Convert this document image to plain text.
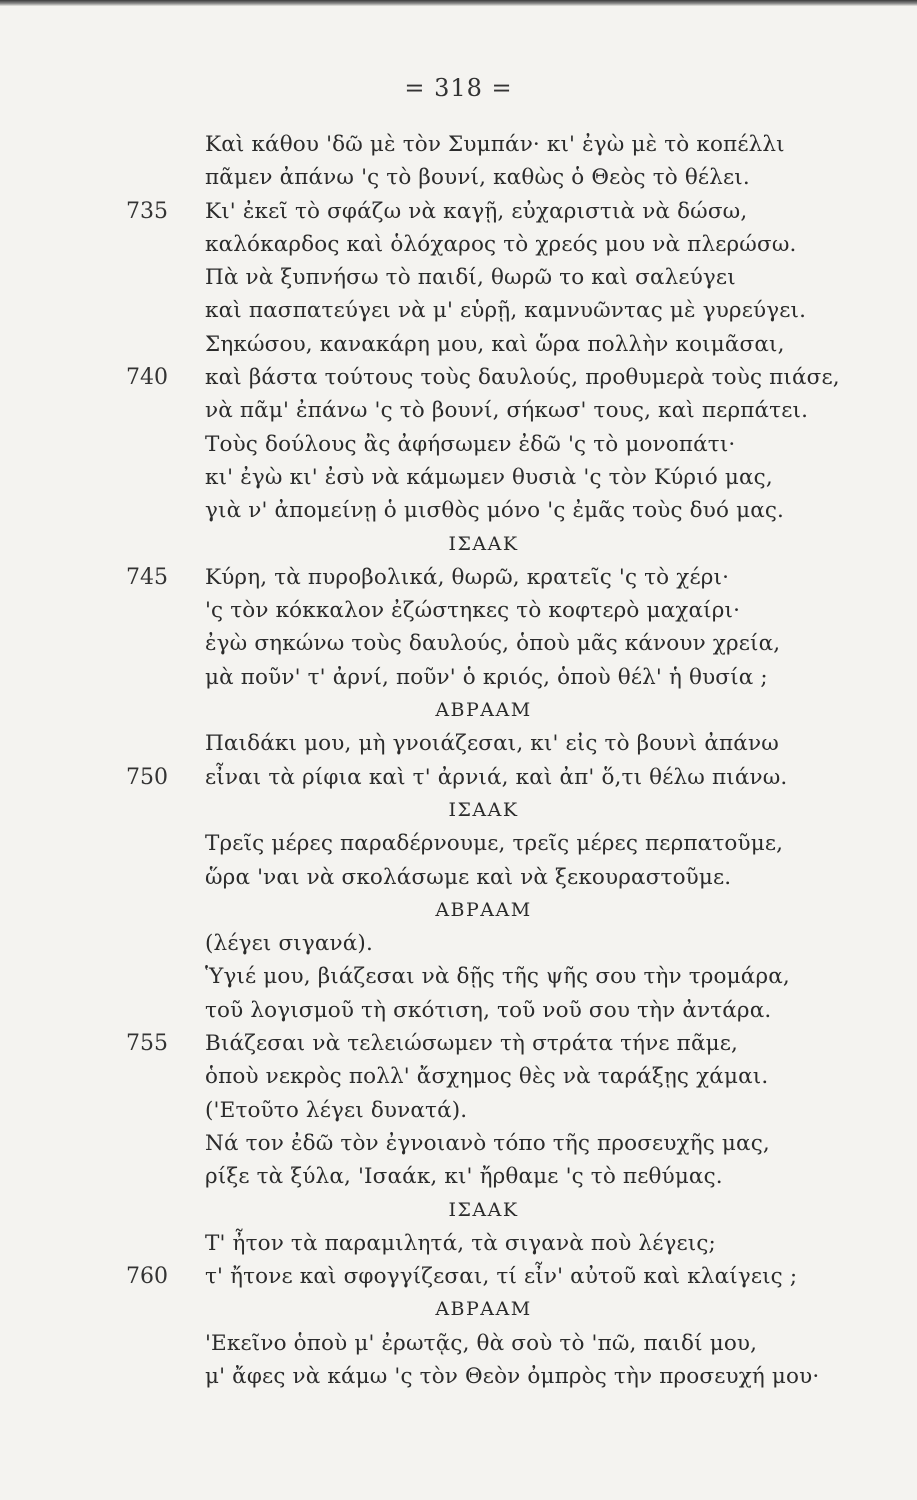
= 318 =
Καὶ κάθου 'δῶ μὲ τὸν Συμπάν· κι' ἐγὼ μὲ τὸ κοπέλλι
πᾶμεν ἀπάνω 'ς τὸ βουνί, καθὼς ὁ Θεὸς τὸ θέλει.
735	Κι' ἐκεῖ τὸ σφάζω νὰ καγῇ, εὐχαριστιὰ νὰ δώσω,
καλόκαρδος καὶ ὁλόχαρος τὸ χρεός μου νὰ πλερώσω.
Πὰ νὰ ξυπνήσω τὸ παιδί, θωρῶ το καὶ σαλεύγει
καὶ πασπατεύγει νὰ μ' εὑρῇ, καμνυῶντας μὲ γυρεύγει.
Σηκώσου, κανακάρη μου, καὶ ὥρα πολλὴν κοιμᾶσαι,
740	καὶ βάστα τούτους τοὺς δαυλούς, προθυμερὰ τοὺς πιάσε,
νὰ πᾶμ' ἐπάνω 'ς τὸ βουνί, σήκωσ' τους, καὶ περπάτει.
Τοὺς δούλους ἂς ἀφήσωμεν ἐδῶ 'ς τὸ μονοπάτι·
κι' ἐγὼ κι' ἐσὺ νὰ κάμωμεν θυσιὰ 'ς τὸν Κύριό μας,
γιὰ ν' ἀπομείνῃ ὁ μισθὸς μόνο 'ς ἐμᾶς τοὺς δυό μας.
ΙΣΑΑΚ
745	Κύρη, τὰ πυροβολικά, θωρῶ, κρατεῖς 'ς τὸ χέρι·
'ς τὸν κόκκαλον ἐζώστηκες τὸ κοφτερὸ μαχαίρι·
ἐγὼ σηκώνω τοὺς δαυλούς, ὁποὺ μᾶς κάνουν χρεία,
μὰ ποῦν' τ' ἀρνί, ποῦν' ὁ κριός, ὁποὺ θέλ' ἡ θυσία ;
ΑΒΡΑΑΜ
Παιδάκι μου, μὴ γνοιάζεσαι, κι' εἰς τὸ βουνὶ ἀπάνω
750	εἶναι τὰ ρίφια καὶ τ' ἀρνιά, καὶ ἀπ' ὅ,τι θέλω πιάνω.
ΙΣΑΑΚ
Τρεῖς μέρες παραδέρνουμε, τρεῖς μέρες περπατοῦμε,
ὥρα 'ναι νὰ σκολάσωμε καὶ νὰ ξεκουραστοῦμε.
ΑΒΡΑΑΜ
(λέγει σιγανά).
Ὑγιέ μου, βιάζεσαι νὰ δῇς τῆς ψῆς σου τὴν τρομάρα,
τοῦ λογισμοῦ τὴ σκότιση, τοῦ νοῦ σου τὴν ἀντάρα.
755	Βιάζεσαι νὰ τελειώσωμεν τὴ στράτα τήνε πᾶμε,
ὁποὺ νεκρὸς πολλ' ἄσχημος θὲς νὰ ταράξῃς χάμαι.
('Ετοῦτο λέγει δυνατά).
Νά τον ἐδῶ τὸν ἐγνοιανὸ τόπο τῆς προσευχῆς μας,
ρίξε τὰ ξύλα, 'Ισαάκ, κι' ἤρθαμε 'ς τὸ πεθύμας.
ΙΣΑΑΚ
Τ' ἦτον τὰ παραμιλητά, τὰ σιγανὰ ποὺ λέγεις;
760	τ' ἤτονε καὶ σφογγίζεσαι, τί εἶν' αὐτοῦ καὶ κλαίγεις ;
ΑΒΡΑΑΜ
'Εκεῖνο ὁποὺ μ' ἐρωτᾷς, θὰ σοὺ τὸ 'πῶ, παιδί μου,
μ' ἄφες νὰ κάμω 'ς τὸν Θεὸν ὀμπρὸς τὴν προσευχή μου·
